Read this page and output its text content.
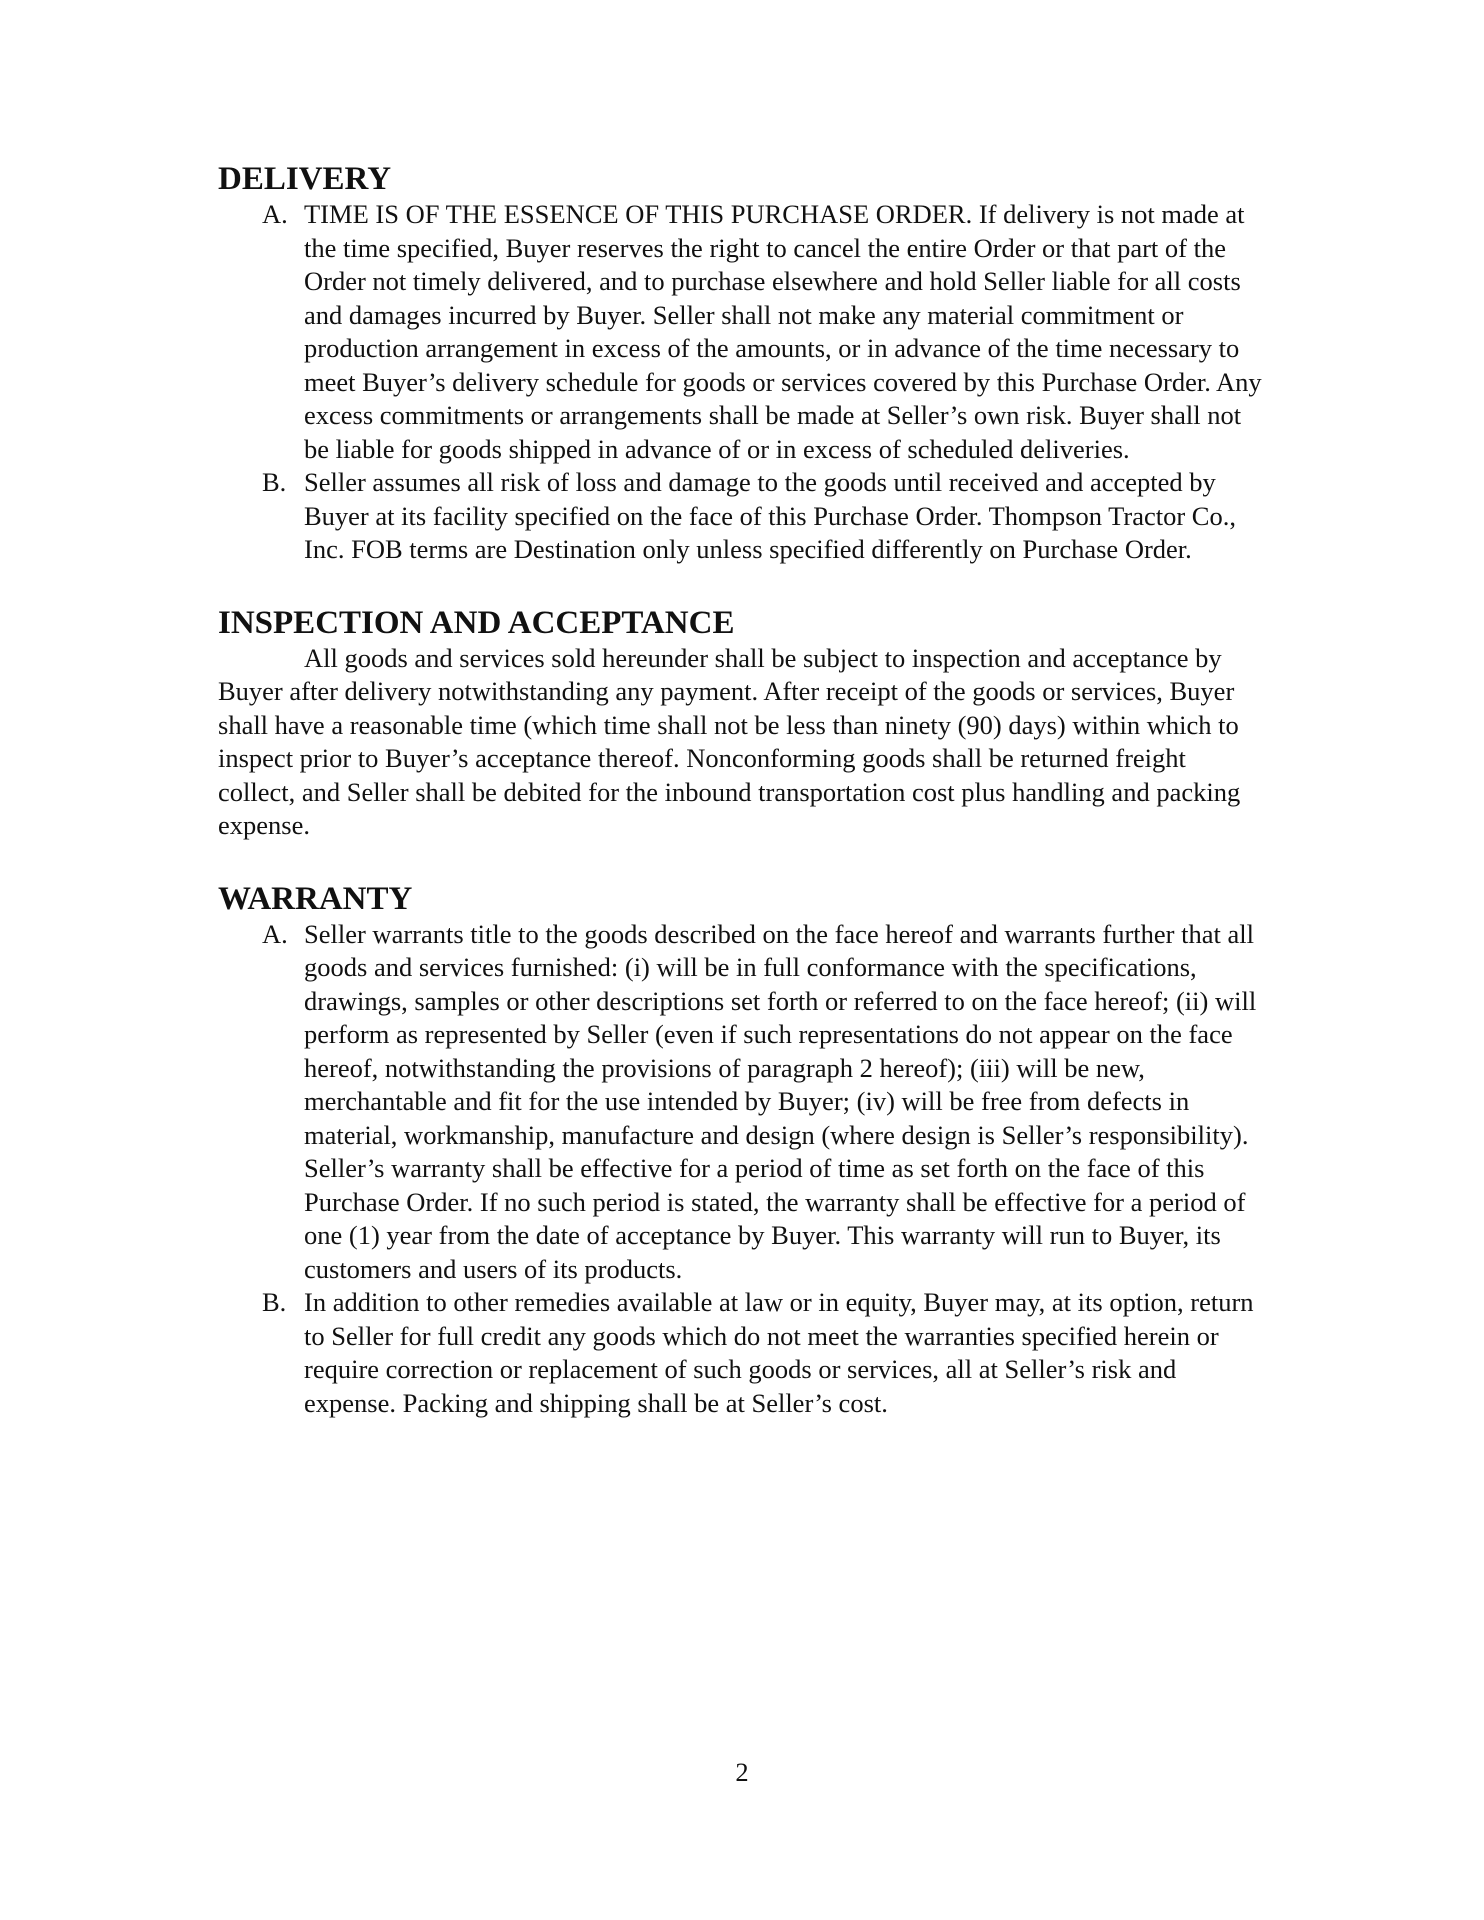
DELIVERY
A. TIME IS OF THE ESSENCE OF THIS PURCHASE ORDER. If delivery is not made at the time specified, Buyer reserves the right to cancel the entire Order or that part of the Order not timely delivered, and to purchase elsewhere and hold Seller liable for all costs and damages incurred by Buyer. Seller shall not make any material commitment or production arrangement in excess of the amounts, or in advance of the time necessary to meet Buyer’s delivery schedule for goods or services covered by this Purchase Order. Any excess commitments or arrangements shall be made at Seller’s own risk. Buyer shall not be liable for goods shipped in advance of or in excess of scheduled deliveries.
B. Seller assumes all risk of loss and damage to the goods until received and accepted by Buyer at its facility specified on the face of this Purchase Order. Thompson Tractor Co., Inc. FOB terms are Destination only unless specified differently on Purchase Order.
INSPECTION AND ACCEPTANCE

All goods and services sold hereunder shall be subject to inspection and acceptance by Buyer after delivery notwithstanding any payment. After receipt of the goods or services, Buyer shall have a reasonable time (which time shall not be less than ninety (90) days) within which to inspect prior to Buyer’s acceptance thereof. Nonconforming goods shall be returned freight collect, and Seller shall be debited for the inbound transportation cost plus handling and packing expense.

WARRANTY
A. Seller warrants title to the goods described on the face hereof and warrants further that all goods and services furnished: (i) will be in full conformance with the specifications, drawings, samples or other descriptions set forth or referred to on the face hereof; (ii) will perform as represented by Seller (even if such representations do not appear on the face hereof, notwithstanding the provisions of paragraph 2 hereof); (iii) will be new, merchantable and fit for the use intended by Buyer; (iv) will be free from defects in material, workmanship, manufacture and design (where design is Seller’s responsibility). Seller’s warranty shall be effective for a period of time as set forth on the face of this Purchase Order. If no such period is stated, the warranty shall be effective for a period of one (1) year from the date of acceptance by Buyer. This warranty will run to Buyer, its customers and users of its products.
B. In addition to other remedies available at law or in equity, Buyer may, at its option, return to Seller for full credit any goods which do not meet the warranties specified herein or require correction or replacement of such goods or services, all at Seller’s risk and expense. Packing and shipping shall be at Seller’s cost.
2
